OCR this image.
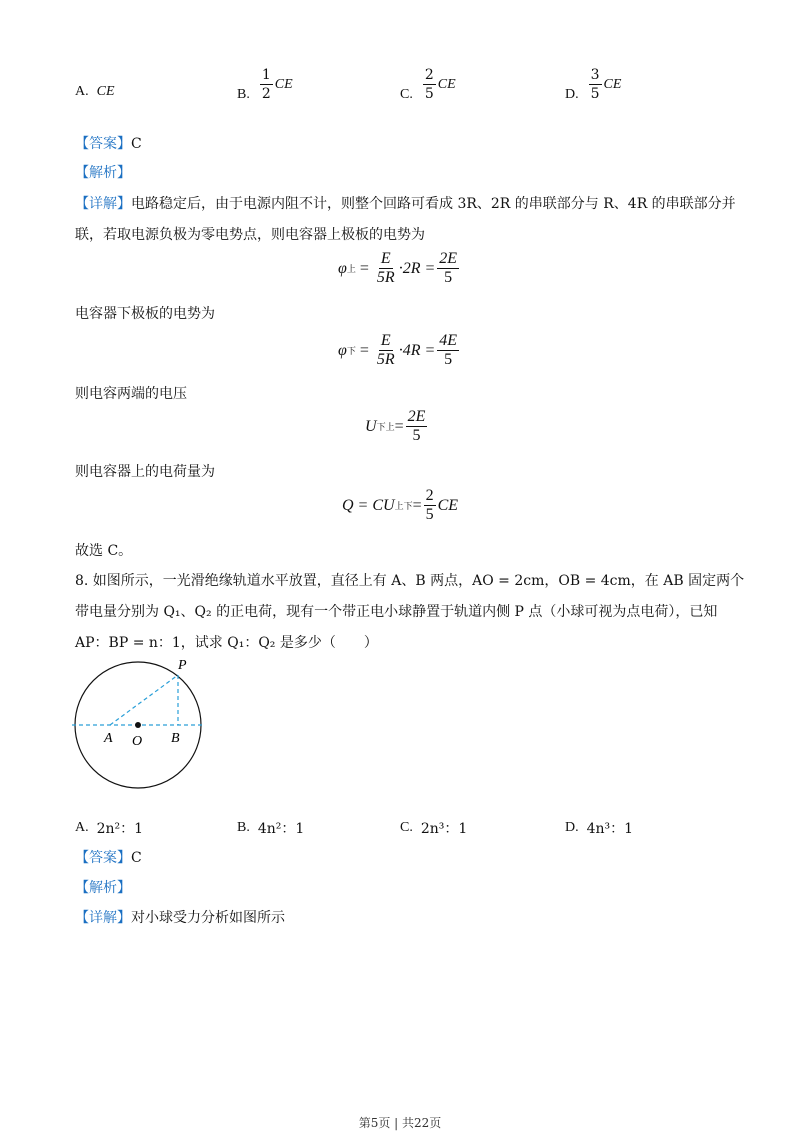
A. CE	B. $\frac{1}{2}$ CE
C. $\frac{2}{5}$ CE
D. $\frac{3}{5}$ CE
【答案】C
【解析】
【详解】电路稳定后，由于电源内阻不计，则整个回路可看成 3R、2R 的串联部分与 R、4R 的串联部分并
联，若取电源负极为零电势点，则电容器上极板的电势为
φ 上 = $\frac{E}{5R} \cdot 2R = \frac{2E}{5}$
电容器下极板的电势为
φ 下 = $\frac{E}{5R} \cdot 4R = \frac{4E}{5}$
则电容两端的电压
U 下上 = $\frac{2E}{5}$
则电容器上的电荷量为
Q = CU 上下 = $\frac{2}{5}$ CE
故选 C。
8. 如图所示，一光滑绝缘轨道水平放置，直径上有 A、B 两点，AO = 2cm，OB = 4cm，在 AB 固定两个
带电量分别为 Q₁、Q₂ 的正电荷，现有一个带正电小球静置于轨道内侧 P 点（小球可视为点电荷），已知
AP：BP = n：1，试求 Q₁：Q₂ 是多少（　　）
P
A O B
A. 2n²：1	B. 4n²：1	C. 2n³：1	D. 4n³：1
【答案】C
【解析】
【详解】对小球受力分析如图所示
第5页 | 共22页
